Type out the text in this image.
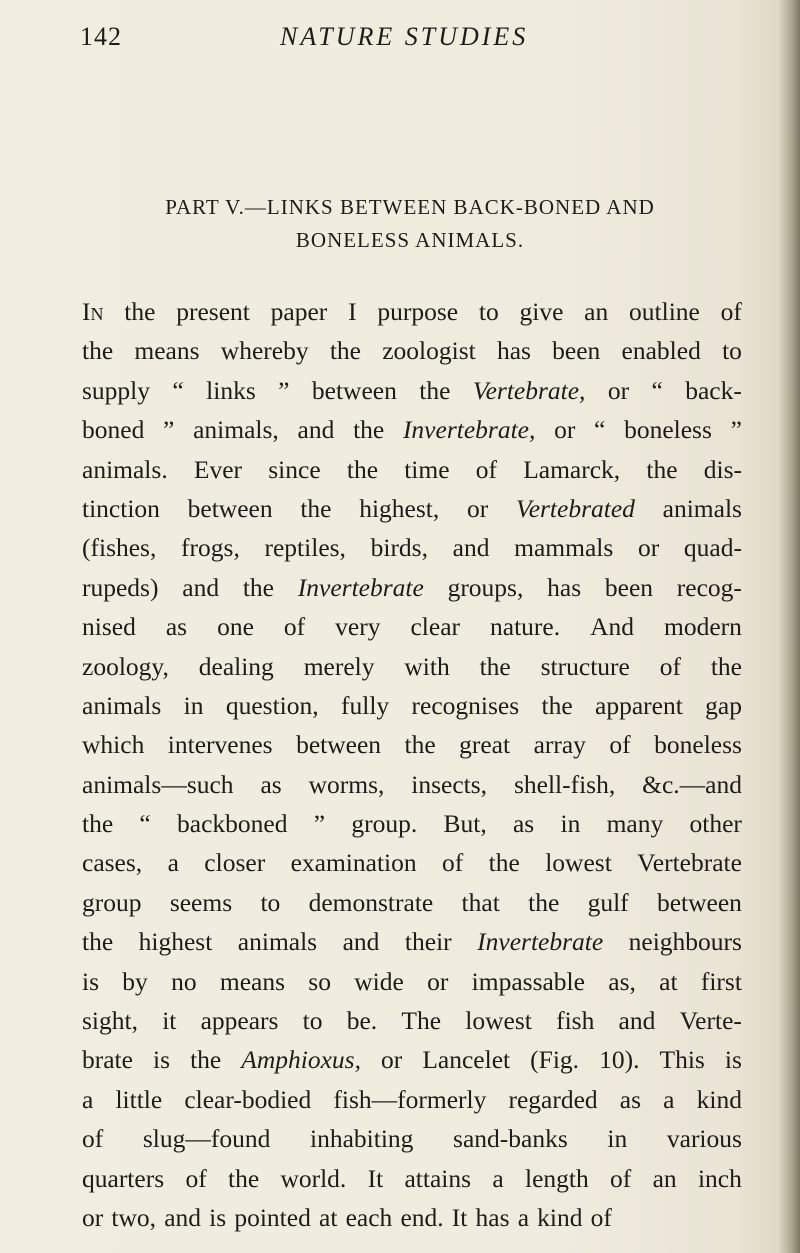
142	NATURE STUDIES
PART V.—LINKS BETWEEN BACK-BONED AND
BONELESS ANIMALS.
In the present paper I purpose to give an outline of
the means whereby the zoologist has been enabled to
supply “ links ” between the Vertebrate, or “ back-
boned ” animals, and the Invertebrate, or “ boneless ”
animals. Ever since the time of Lamarck, the dis-
tinction between the highest, or Vertebrated animals
(fishes, frogs, reptiles, birds, and mammals or quad-
rupeds) and the Invertebrate groups, has been recog-
nised as one of very clear nature. And modern
zoology, dealing merely with the structure of the
animals in question, fully recognises the apparent gap
which intervenes between the great array of boneless
animals—such as worms, insects, shell-fish, &c.—and
the “ backboned ” group. But, as in many other
cases, a closer examination of the lowest Vertebrate
group seems to demonstrate that the gulf between
the highest animals and their Invertebrate neighbours
is by no means so wide or impassable as, at first
sight, it appears to be. The lowest fish and Verte-
brate is the Amphioxus, or Lancelet (Fig. 10). This is
a little clear-bodied fish—formerly regarded as a kind
of slug—found inhabiting sand-banks in various
quarters of the world. It attains a length of an inch
or two, and is pointed at each end. It has a kind of
